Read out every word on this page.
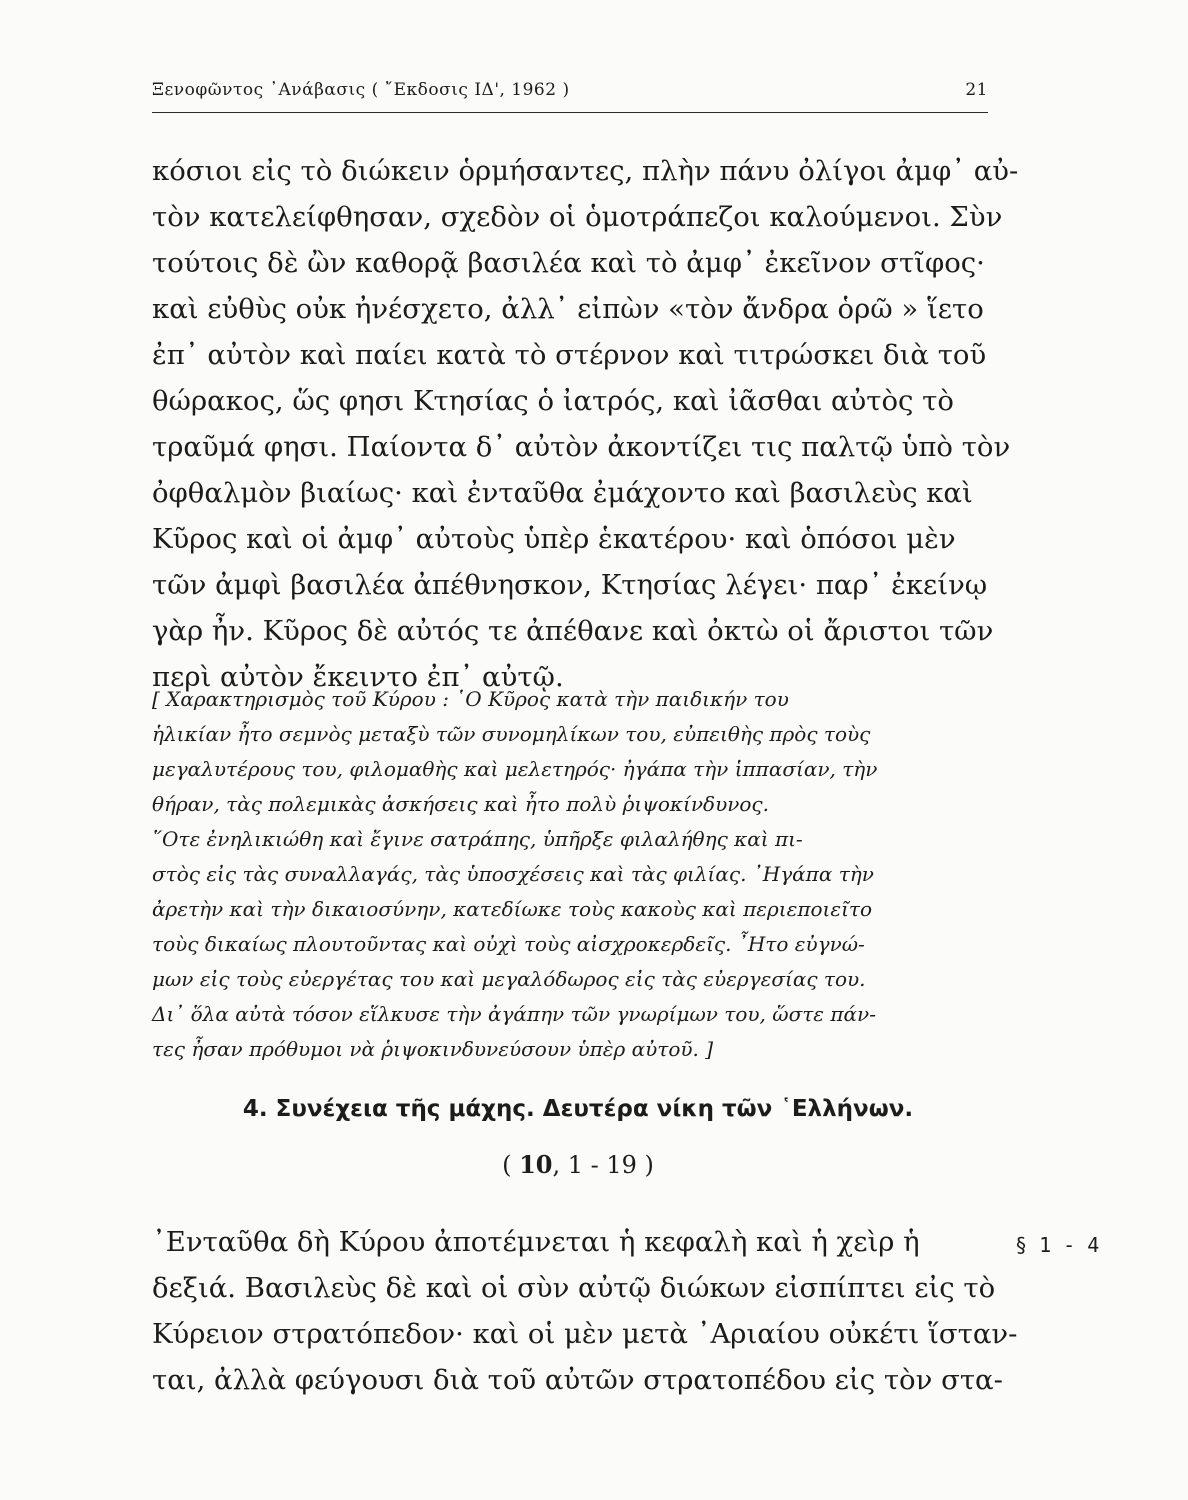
Ξενοφῶντος ᾿Ανάβασις ( ῎Εκδοσις ΙΔ', 1962 )	21
κόσιοι εἰς τὸ διώκειν ὁρμήσαντες, πλὴν πάνυ ὀλίγοι ἀμφ᾿ αὐ-
τὸν κατελείφθησαν, σχεδὸν οἱ ὁμοτράπεζοι καλούμενοι. Σὺν
τούτοις δὲ ὢν καθορᾷ βασιλέα καὶ τὸ ἀμφ᾿ ἐκεῖνον στῖφος·
καὶ εὐθὺς οὐκ ἠνέσχετο, ἀλλ᾿ εἰπὼν «τὸν ἄνδρα ὁρῶ » ἵετο
ἐπ᾿ αὐτὸν καὶ παίει κατὰ τὸ στέρνον καὶ τιτρώσκει διὰ τοῦ
θώρακος, ὥς φησι Κτησίας ὁ ἰατρός, καὶ ἰᾶσθαι αὐτὸς τὸ
τραῦμά φησι. Παίοντα δ᾿ αὐτὸν ἀκοντίζει τις παλτῷ ὑπὸ τὸν
ὀφθαλμὸν βιαίως· καὶ ἐνταῦθα ἐμάχοντο καὶ βασιλεὺς καὶ
Κῦρος καὶ οἱ ἀμφ᾿ αὐτοὺς ὑπὲρ ἑκατέρου· καὶ ὁπόσοι μὲν
τῶν ἀμφὶ βασιλέα ἀπέθνησκον, Κτησίας λέγει· παρ᾿ ἐκείνῳ
γὰρ ἦν. Κῦρος δὲ αὐτός τε ἀπέθανε καὶ ὀκτὼ οἱ ἄριστοι τῶν
περὶ αὐτὸν ἔκειντο ἐπ᾿ αὐτῷ.
[ Χαρακτηρισμὸς τοῦ Κύρου : ῾Ο Κῦρος κατὰ τὴν παιδικήν του
ἡλικίαν ἦτο σεμνὸς μεταξὺ τῶν συνομηλίκων του, εὐπειθὴς πρὸς τοὺς
μεγαλυτέρους του, φιλομαθὴς καὶ μελετηρός· ἠγάπα τὴν ἱππασίαν, τὴν
θήραν, τὰς πολεμικὰς ἀσκήσεις καὶ ἦτο πολὺ ῥιψοκίνδυνος.
῞Οτε ἐνηλικιώθη καὶ ἔγινε σατράπης, ὑπῆρξε φιλαλήθης καὶ πι-
στὸς εἰς τὰς συναλλαγάς, τὰς ὑποσχέσεις καὶ τὰς φιλίας. ᾿Ηγάπα τὴν
ἀρετὴν καὶ τὴν δικαιοσύνην, κατεδίωκε τοὺς κακοὺς καὶ περιεποιεῖτο
τοὺς δικαίως πλουτοῦντας καὶ οὐχὶ τοὺς αἰσχροκερδεῖς. ῏Ητο εὐγνώ-
μων εἰς τοὺς εὐεργέτας του καὶ μεγαλόδωρος εἰς τὰς εὐεργεσίας του.
Δι᾿ ὅλα αὐτὰ τόσον εἵλκυσε τὴν ἀγάπην τῶν γνωρίμων του, ὥστε πάν-
τες ἦσαν πρόθυμοι νὰ ῥιψοκινδυνεύσουν ὑπὲρ αὐτοῦ. ]
4. Συνέχεια τῆς μάχης. Δευτέρα νίκη τῶν ῾Ελλήνων.
( 10, 1 - 19 )
§ 1 - 4
᾿Ενταῦθα δὴ Κύρου ἀποτέμνεται ἡ κεφαλὴ καὶ ἡ χεὶρ ἡ
δεξιά. Βασιλεὺς δὲ καὶ οἱ σὺν αὐτῷ διώκων εἰσπίπτει εἰς τὸ
Κύρειον στρατόπεδον· καὶ οἱ μὲν μετὰ ᾿Αριαίου οὐκέτι ἵσταν-
ται, ἀλλὰ φεύγουσι διὰ τοῦ αὐτῶν στρατοπέδου εἰς τὸν στα-
